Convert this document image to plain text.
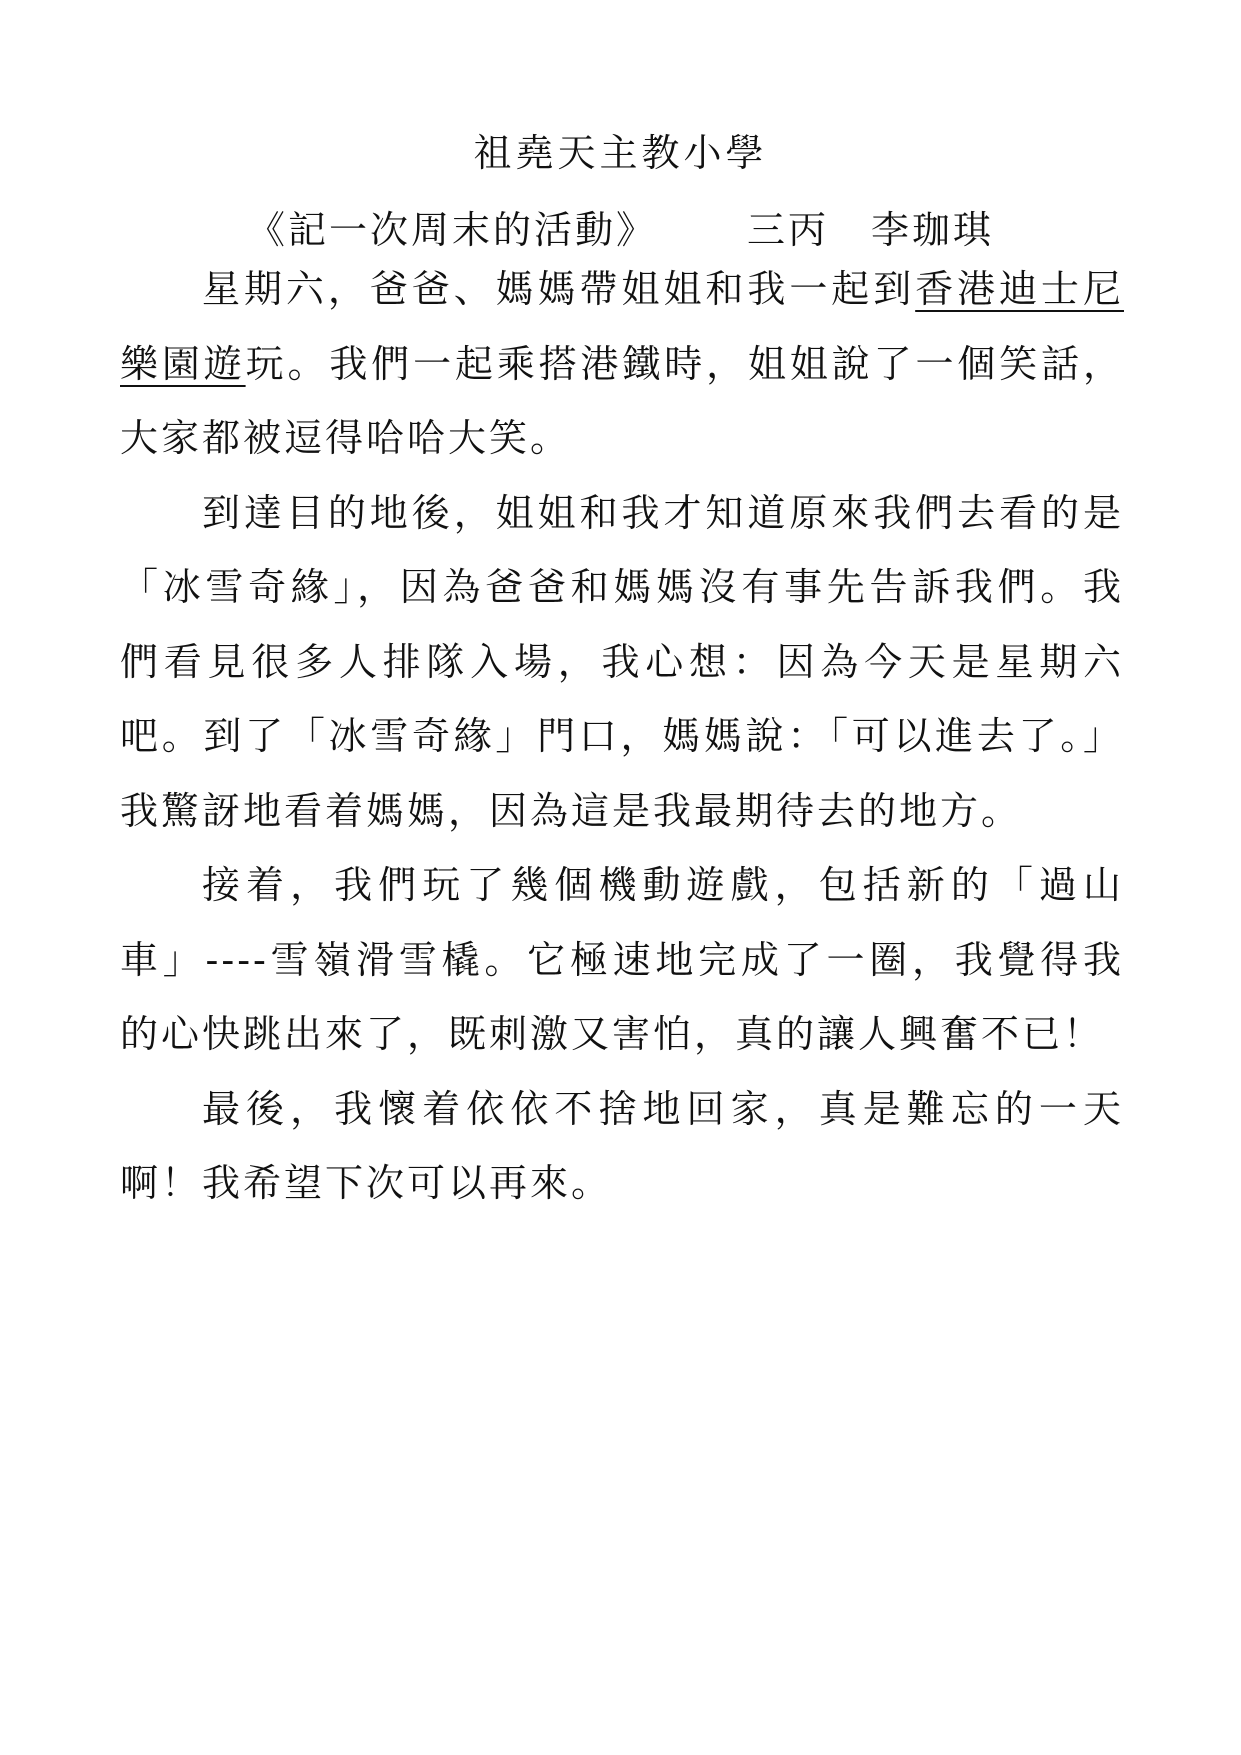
祖堯天主教小學
《記一次周末的活動》 三丙 李珈琪

星期六，爸爸、媽媽帶姐姐和我一起到香港迪士尼樂園遊玩。我們一起乘搭港鐵時，姐姐說了一個笑話，大家都被逗得哈哈大笑。

到達目的地後，姐姐和我才知道原來我們去看的是「冰雪奇緣」，因為爸爸和媽媽沒有事先告訴我們。我們看見很多人排隊入場，我心想：因為今天是星期六吧。到了「冰雪奇緣」門口，媽媽說：「可以進去了。」我驚訝地看着媽媽，因為這是我最期待去的地方。

接着，我們玩了幾個機動遊戲，包括新的「過山車」----雪嶺滑雪橇。它極速地完成了一圈，我覺得我的心快跳出來了，既刺激又害怕，真的讓人興奮不已！

最後，我懷着依依不捨地回家，真是難忘的一天啊！我希望下次可以再來。
